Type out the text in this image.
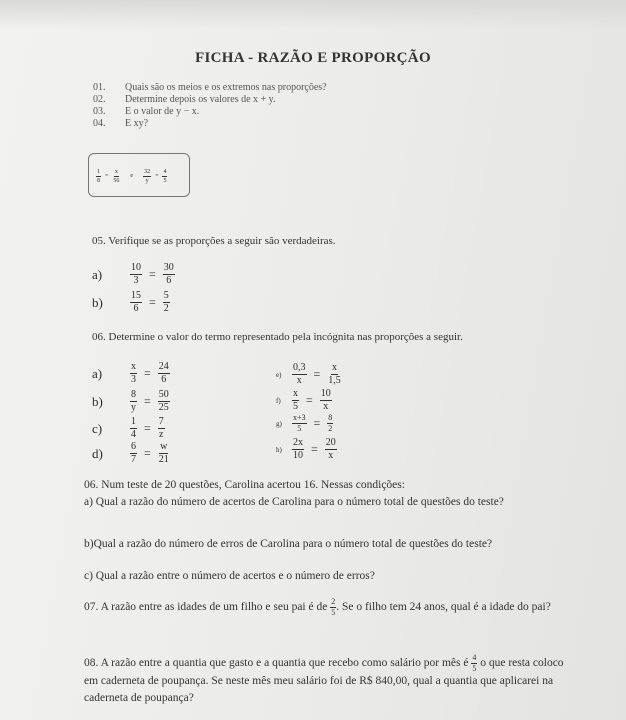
FICHA - RAZÃO E PROPORÇÃO
01. Quais são os meios e os extremos nas proporções?
02. Determine depois os valores de x + y.
03. E o valor de y − x.
04. E xy?
$\frac{1}{8} = \frac{x}{56}$ e $\frac{32}{y} = \frac{4}{5}$
05. Verifique se as proporções a seguir são verdadeiras.
a)	$\frac{10}{3} = \frac{30}{6}$
b)	$\frac{15}{6} = \frac{5}{2}$
06. Determine o valor do termo representado pela incógnita nas proporções a seguir.
a)	$\frac{x}{3} = \frac{24}{6}$
b)	$\frac{8}{y} = \frac{50}{25}$
c)	$\frac{1}{4} = \frac{7}{z}$
d)	$\frac{6}{7} = \frac{w}{21}$
$e) \frac{0,3}{x} = \frac{x}{1,5}$
$f) \frac{x}{5} = \frac{10}{x}$
$g) \frac{x+3}{5} = \frac{8}{2}$
$h) \frac{2x}{10} = \frac{20}{x}$
06. Num teste de 20 questões, Carolina acertou 16. Nessas condições:
a) Qual a razão do número de acertos de Carolina para o número total de questões do teste?
b)Qual a razão do número de erros de Carolina para o número total de questões do teste?
c) Qual a razão entre o número de acertos e o número de erros?
07. A razão entre as idades de um filho e seu pai é de $\frac{2}{5}$ . Se o filho tem 24 anos, qual é a idade do pai?
08. A razão entre a quantia que gasto e a quantia que recebo como salário por mês é $\frac{4}{5}$ o que resta coloco em caderneta de poupança. Se neste mês meu salário foi de R$ 840,00, qual a quantia que aplicarei na caderneta de poupança?
